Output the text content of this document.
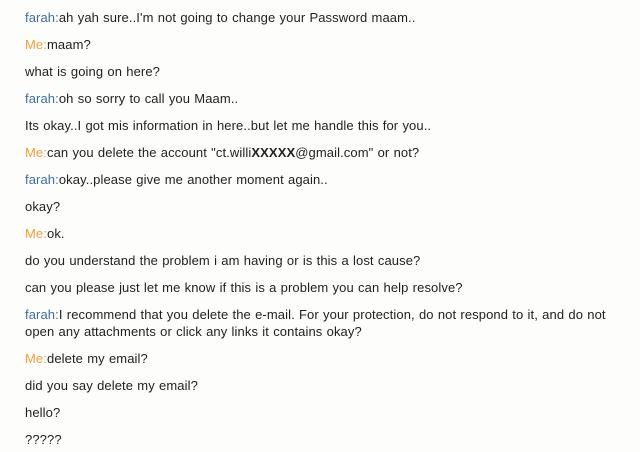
farah:ah yah sure..I'm not going to change your Password maam..
Me:maam?
what is going on here?
farah:oh so sorry to call you Maam..
Its okay..I got mis information in here..but let me handle this for you..
Me:can you delete the account "ct.williXXXXX@gmail.com" or not?
farah:okay..please give me another moment again..
okay?
Me:ok.
do you understand the problem i am having or is this a lost cause?
can you please just let me know if this is a problem you can help resolve?
farah:I recommend that you delete the e-mail. For your protection, do not respond to it, and do not open any attachments or click any links it contains okay?
Me:delete my email?
did you say delete my email?
hello?
?????
